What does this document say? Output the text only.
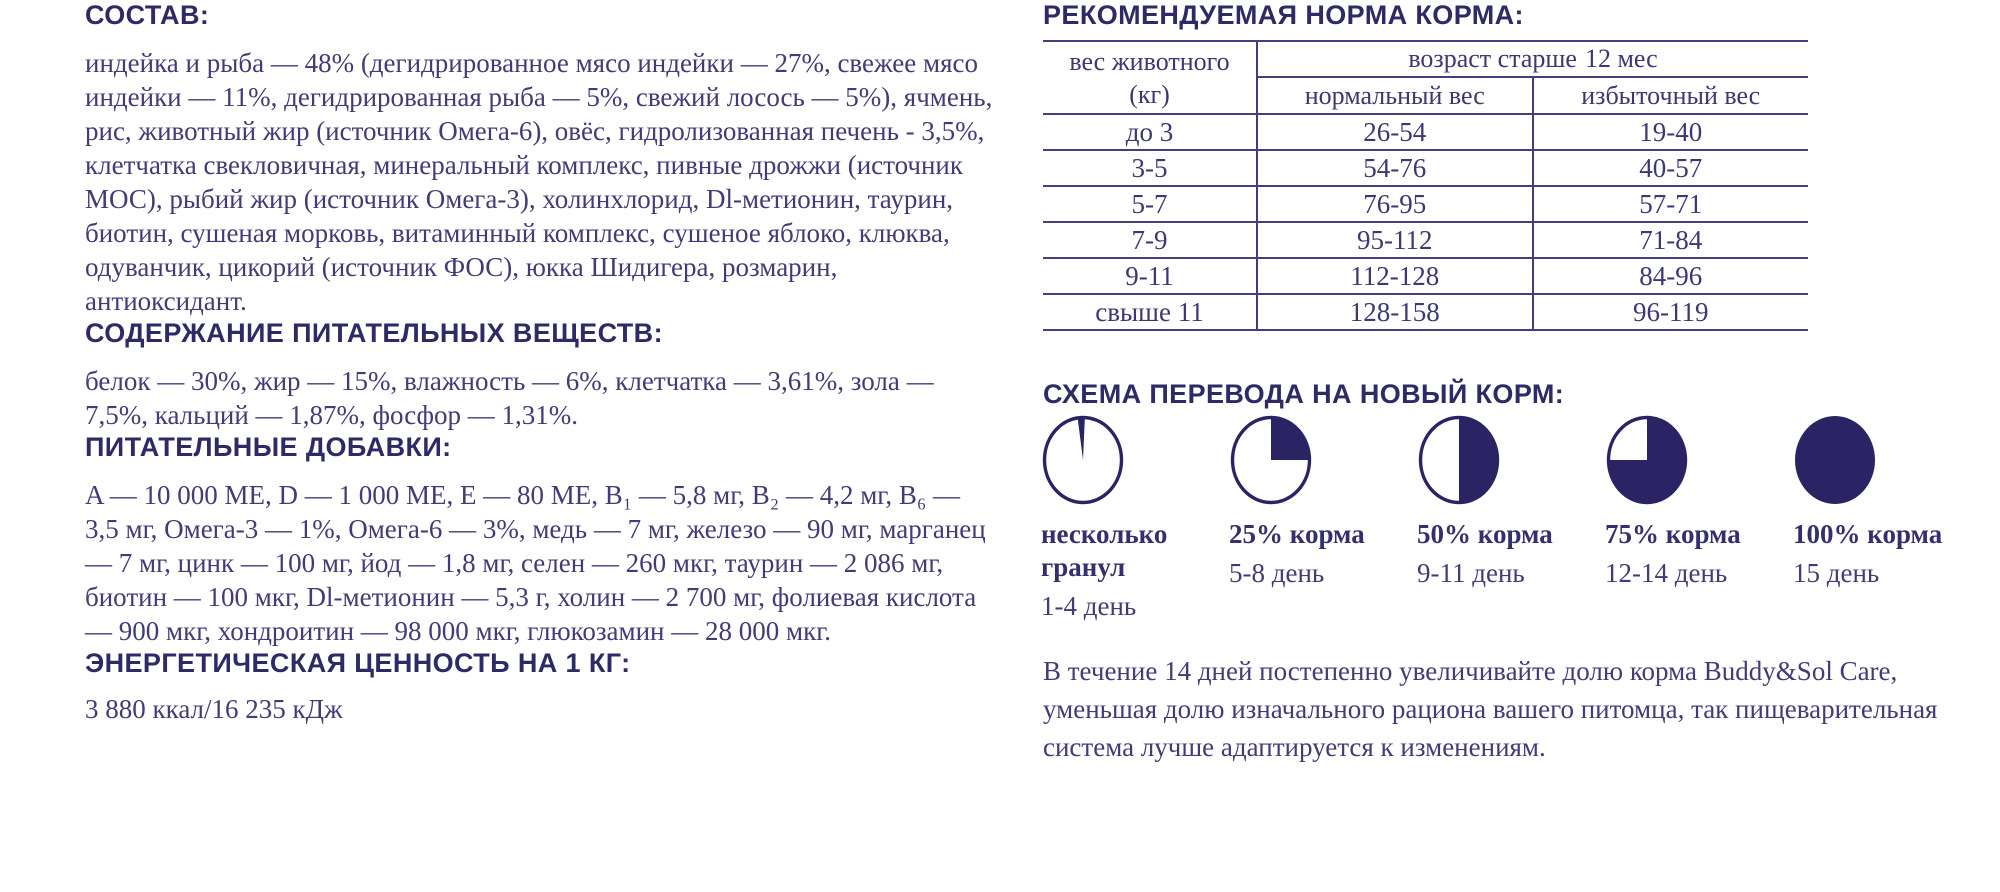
СОСТАВ:

индейка и рыба — 48% (дегидрированное мясо индейки — 27%, свежее мясо индейки — 11%, дегидрированная рыба — 5%, свежий лосось — 5%), ячмень, рис, животный жир (источник Омега-6), овёс, гидролизованная печень - 3,5%, клетчатка свекловичная, минеральный комплекс, пивные дрожжи (источник МОС), рыбий жир (источник Омега-3), холинхлорид, Dl-метионин, таурин, биотин, сушеная морковь, витаминный комплекс, сушеное яблоко, клюква, одуванчик, цикорий (источник ФОС), юкка Шидигера, розмарин, антиоксидант.

СОДЕРЖАНИЕ ПИТАТЕЛЬНЫХ ВЕЩЕСТВ:

белок — 30%, жир — 15%, влажность — 6%, клетчатка — 3,61%, зола — 7,5%, кальций — 1,87%, фосфор — 1,31%.

ПИТАТЕЛЬНЫЕ ДОБАВКИ:

A — 10 000 МЕ, D — 1 000 МЕ, E — 80 МЕ, B₁ — 5,8 мг, B₂ — 4,2 мг, B₆ — 3,5 мг, Омега-3 — 1%, Омега-6 — 3%, медь — 7 мг, железо — 90 мг, марганец — 7 мг, цинк — 100 мг, йод — 1,8 мг, селен — 260 мкг, таурин — 2 086 мг, биотин — 100 мкг, Dl-метионин — 5,3 г, холин — 2 700 мг, фолиевая кислота — 900 мкг, хондроитин — 98 000 мкг, глюкозамин — 28 000 мкг.

ЭНЕРГЕТИЧЕСКАЯ ЦЕННОСТЬ НА 1 КГ:

3 880 ккал/16 235 кДж

РЕКОМЕНДУЕМАЯ НОРМА КОРМА:
вес животного
(кг)	возраст старше 12 мес	
	нормальный вес	избыточный вес
до 3	26-54	19-40
3-5	54-76	40-57
5-7	76-95	57-71
7-9	95-112	71-84
9-11	112-128	84-96
свыше 11	128-158	96-119
СХЕМА ПЕРЕВОДА НА НОВЫЙ КОРМ:
несколько гранул
1-4 день
25% корма
5-8 день
50% корма
9-11 день
75% корма
12-14 день
100% корма
15 день

В течение 14 дней постепенно увеличивайте долю корма Buddy&Sol Care, уменьшая долю изначального рациона вашего питомца, так пищеварительная система лучше адаптируется к изменениям.
